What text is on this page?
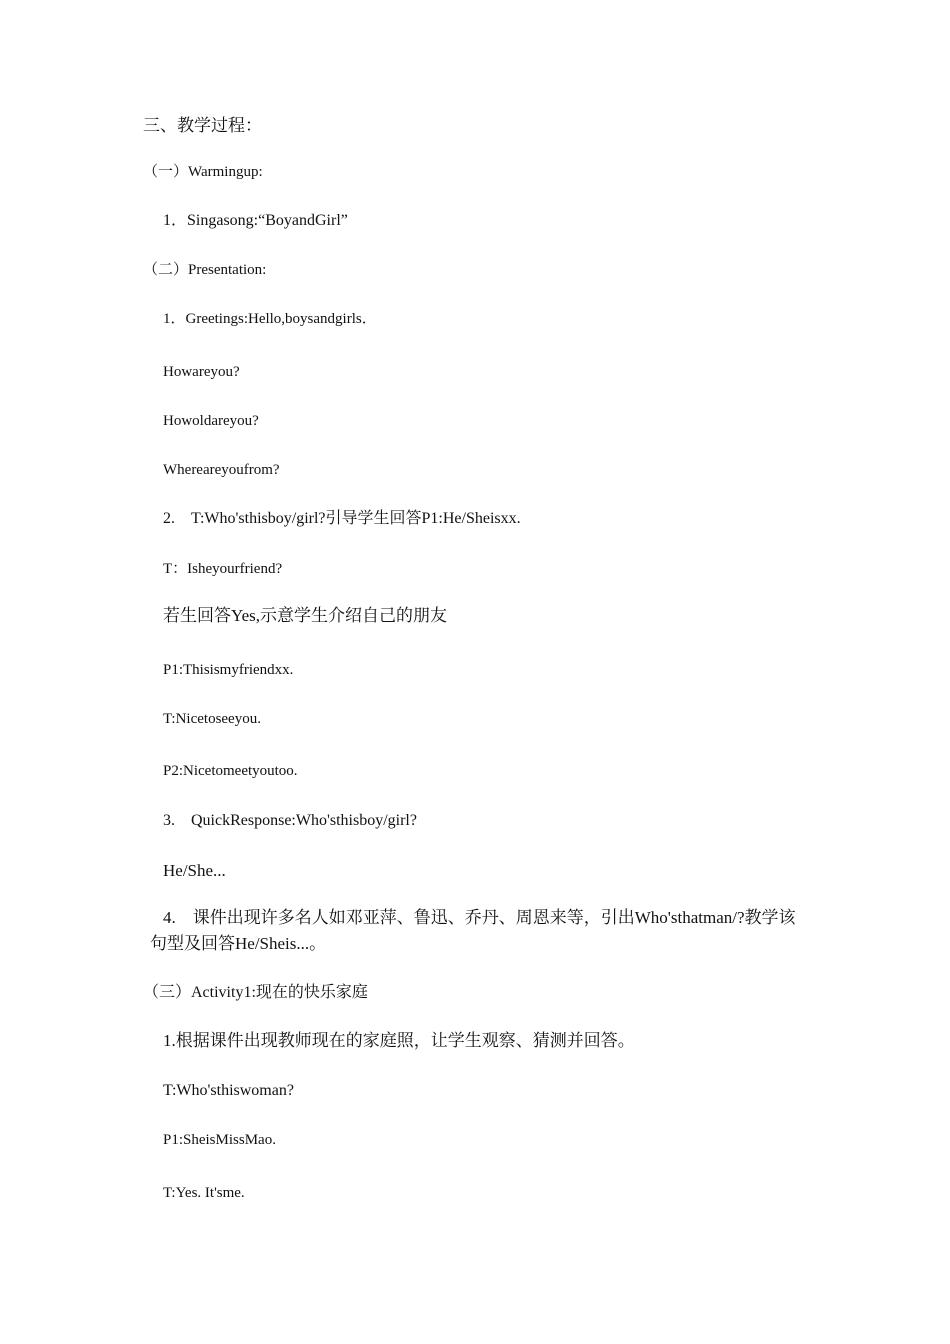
三、教学过程：
（一）Warmingup:
1．Singasong:“BoyandGirl”
（二）Presentation:
1．Greetings:Hello,boysandgirls．
Howareyou?
Howoldareyou?
Whereareyoufrom?
2.　T:Who'sthisboy/girl?引导学生回答P1:He/Sheisxx.
T：Isheyourfriend?
若生回答Yes,示意学生介绍自己的朋友
P1:Thisismyfriendxx.
T:Nicetoseeyou.
P2:Nicetomeetyoutoo.
3.　QuickResponse:Who'sthisboy/girl?
He/She...
4.　课件出现许多名人如邓亚萍、鲁迅、乔丹、周恩来等，引出Who'sthatman/?教学该句型及回答He/Sheis...。
（三）Activity1:现在的快乐家庭
1.根据课件出现教师现在的家庭照，让学生观察、猜测并回答。
T:Who'sthiswoman?
P1:SheisMissMao.
T:Yes. It'sme.
